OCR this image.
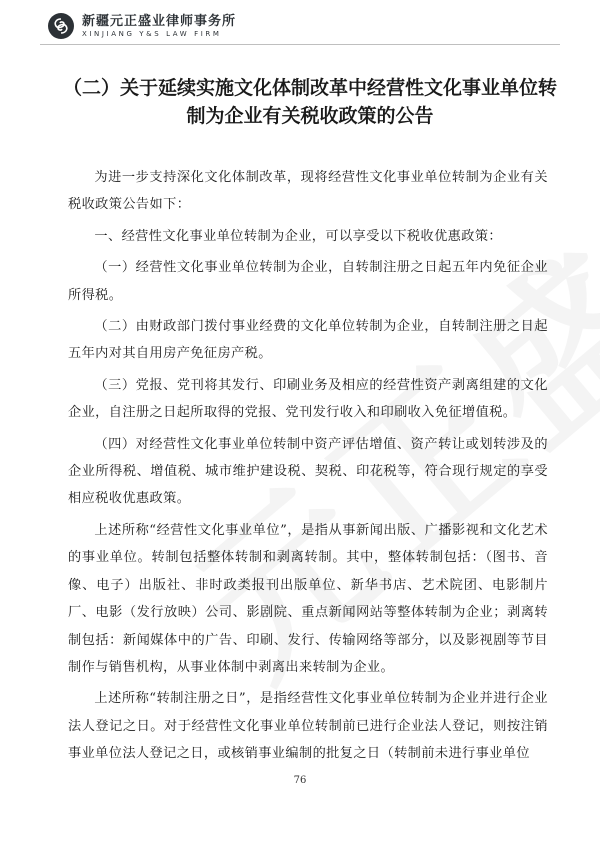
新疆元正盛业律师事务所
XINJIANG Y&S LAW FIRM
（二）关于延续实施文化体制改革中经营性文化事业单位转制为企业有关税收政策的公告

为进一步支持深化文化体制改革，现将经营性文化事业单位转制为企业有关税收政策公告如下：

一、经营性文化事业单位转制为企业，可以享受以下税收优惠政策：

（一）经营性文化事业单位转制为企业，自转制注册之日起五年内免征企业所得税。

（二）由财政部门拨付事业经费的文化单位转制为企业，自转制注册之日起五年内对其自用房产免征房产税。

（三）党报、党刊将其发行、印刷业务及相应的经营性资产剥离组建的文化企业，自注册之日起所取得的党报、党刊发行收入和印刷收入免征增值税。

（四）对经营性文化事业单位转制中资产评估增值、资产转让或划转涉及的企业所得税、增值税、城市维护建设税、契税、印花税等，符合现行规定的享受相应税收优惠政策。

上述所称“经营性文化事业单位”，是指从事新闻出版、广播影视和文化艺术的事业单位。转制包括整体转制和剥离转制。其中，整体转制包括：（图书、音像、电子）出版社、非时政类报刊出版单位、新华书店、艺术院团、电影制片厂、电影（发行放映）公司、影剧院、重点新闻网站等整体转制为企业；剥离转制包括：新闻媒体中的广告、印刷、发行、传输网络等部分，以及影视剧等节目制作与销售机构，从事业体制中剥离出来转制为企业。

上述所称“转制注册之日”，是指经营性文化事业单位转制为企业并进行企业法人登记之日。对于经营性文化事业单位转制前已进行企业法人登记，则按注销事业单位法人登记之日，或核销事业编制的批复之日（转制前未进行事业单位

76
